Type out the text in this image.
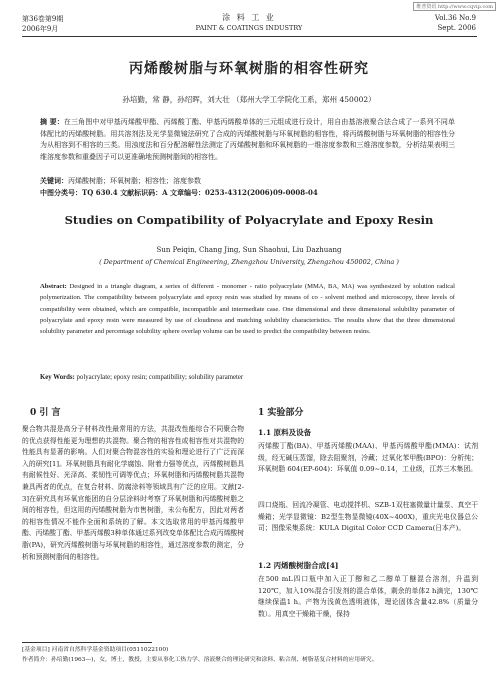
第36卷第9期
2006年9月
涂 料 工 业
PAINT & COATINGS INDUSTRY
Vol.36 No.9
Sept. 2006
维普资讯 http://www.cqvip.com
丙烯酸树脂与环氧树脂的相容性研究
孙培勤，常 静，孙绍晖，刘大壮 （郑州大学工学院化工系，郑州 450002）
摘 要：在三角图中对甲基丙烯酸甲酯、丙烯酸丁酯、甲基丙烯酸单体的三元组成进行设计，用自由基溶液聚合法合成了一系列不同单体配比的丙烯酸树脂。用共溶剂法及光学显微镜法研究了合成的丙烯酸树脂与环氧树脂的相容性，将丙烯酸树脂与环氧树脂的相容性分为从相容到不相容的三类。用浊度法和百分配溶解性法测定了丙烯酸树脂和环氧树脂的一维溶度参数和三维溶度参数，分析结果表明三维溶度参数和重叠因子可以更准确地预测树脂间的相容性。
关键词：丙烯酸树脂；环氧树脂；相容性；溶度参数
中图分类号：TQ 630.4 文献标识码：A 文章编号：0253-4312(2006)09-0008-04
Studies on Compatibility of Polyacrylate and Epoxy Resin
Sun Peiqin, Chang Jing, Sun Shaohui, Liu Dazhuang
( Department of Chemical Engineering, Zhengzhou University, Zhengzhou 450002, China )
Abstract: Designed in a triangle diagram, a series of different - monomer - ratio polyacrylate (MMA, BA, MA) was synthesized by solution radical polymerization. The compatibility between polyacrylate and epoxy resin was studied by means of co - solvent method and microscopy, three levels of compatibility were obtained, which are compatible, incompatible and intermediate case. One dimensional and three dimensional solubility parameter of polyacrylate and epoxy resin were measured by use of cloudiness and matching solubility characteristics. The results show that the three dimensional solubility parameter and percentage solubility sphere overlap volume can be used to predict the compatibility between resins.
Key Words: polyacrylate; epoxy resin; compatibility; solubility parameter
0 引 言
聚合物共混是高分子材料改性最常用的方法，共混改性能综合不同聚合物的优点获得性能更为理想的共混物。聚合物的相容性或相容性对共混物的性能具有显著的影响。人们对聚合物混容性的实验和理论进行了广泛而深入的研究[1]。环氧树脂具有耐化学腐蚀、附着力强等优点，丙烯酸树脂具有耐候性好、光泽高、柔韧性可调等优点；环氧树脂和丙烯酸树脂共混物兼具两者的优点，在复合材料、防腐涂料等领域具有广泛的应用。文献[2-3]在研究具有环氧官能团的自分层涂料时考察了环氧树脂和丙烯酸树脂之间的相容性，但这用的丙烯酸树脂为市售树脂，未公布配方，因此对两者的相容性情况不能作全面和系统的了解。本文选取常用的甲基丙烯酸甲酯、丙烯酸丁酯、甲基丙烯酸3种单体通过系列改变单体配比合成丙烯酸树脂(PA)，研究丙烯酸树脂与环氧树脂的相容性，通过溶度参数的测定，分析和预测树脂间的相容性。
1 实验部分
1.1 原料及设备
丙烯酸丁酯(BA)、甲基丙烯酸(MAA)、甲基丙烯酸甲酯(MMA)：试剂级，经无碱压蒸馏，除去阻聚剂，冷藏；过氧化苯甲酰(BPO)：分析纯；环氧树脂 604(EP-604)：环氧值 0.09~0.14，工业级，江苏三木集团。
四口烧瓶、回流冷凝管、电动搅拌机、SZB-1双柱塞微量计量泵、真空干燥箱；光学显微镜：B2型生物显微镜(40X~400X)，重庆光电仪器总公司；图像采集系统：KULA Digital Color CCD Camera(日本产)。
1.2 丙烯酸树脂合成[4]
在500 mL四口瓶中加入正丁醇和乙二醇单丁醚混合溶剂，升温到120℃，加入10%混合引发剂的混合单体，剩余的单体2 h滴完，130℃继续保温1 h。产物为浅黄色透明液体，理论固体含量42.8%（质量分数）。用真空干燥箱干燥，保持
[基金项目] 河南省自然科学基金资助项目(0511022100)
作者简介：孙培勤(1963—)，女，博士，教授，主要从事化工热力学、溶液聚合的理论研究和涂料、粘合剂、树脂基复合材料的应用研究。
